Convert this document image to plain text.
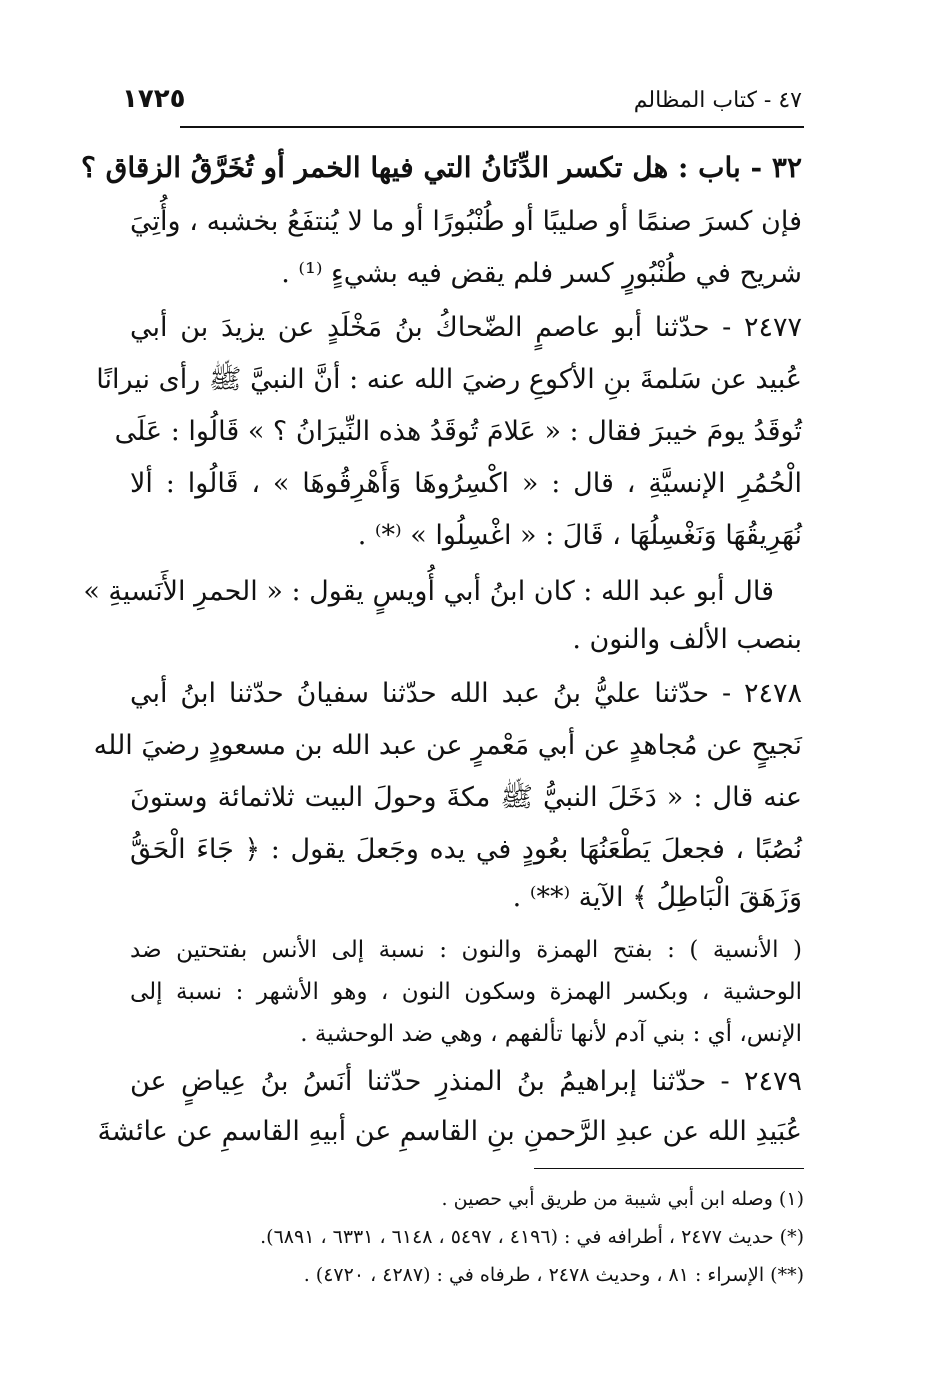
٤٧ - كتاب المظالم
١٧٢٥
٣٢ - باب : هل تكسر الدِّنَانُ التي فيها الخمر أو تُخَرَّقُ الزقاق ؟
فإن كسرَ صنمًا أو صليبًا أو طُنْبُورًا أو ما لا يُنتفَعُ بخشبه ، وأُتِيَ
شريح في طُنْبُورٍ كسر فلم يقض فيه بشيءٍ ⁽¹⁾ .
٢٤٧٧ - حدّثنا أبو عاصمٍ الضّحاكُ بنُ مَخْلَدٍ عن يزيدَ بن أبي
عُبيد عن سَلمةَ بنِ الأكوعِ رضيَ الله عنه : أنَّ النبيَّ ﷺ رأى نيرانًا
تُوقَدُ يومَ خيبرَ فقال : « عَلامَ تُوقَدُ هذه النِّيرَانُ ؟ » قَالُوا : عَلَى
الْحُمُرِ الإنسيَّةِ ، قال : « اكْسِرُوهَا وَأَهْرِقُوهَا » ، قَالُوا : ألا
نُهَرِيقُهَا وَنَغْسِلُهَا ، قَالَ : « اغْسِلُوا » ⁽*⁾ .
قال أبو عبد الله : كان ابنُ أبي أُويسٍ يقول : « الحمرِ الأَنَسيةِ »
بنصب الألف والنون .
٢٤٧٨ - حدّثنا عليُّ بنُ عبد الله حدّثنا سفيانُ حدّثنا ابنُ أبي
نَجيحٍ عن مُجاهدٍ عن أبي مَعْمرٍ عن عبد الله بن مسعودٍ رضيَ الله
عنه قال : « دَخَلَ النبيُّ ﷺ مكةَ وحولَ البيت ثلاثمائة وستونَ
نُصُبًا ، فجعلَ يَطْعَنُهَا بعُودٍ في يده وجَعلَ يقول : ﴿ جَاءَ الْحَقُّ
وَزَهَقَ الْبَاطِلُ ﴾ الآية ⁽**⁾ .
( الأنسية ) : بفتح الهمزة والنون : نسبة إلى الأنس بفتحتين ضد
الوحشية ، وبكسر الهمزة وسكون النون ، وهو الأشهر : نسبة إلى
الإنس، أي : بني آدم لأنها تألفهم ، وهي ضد الوحشية .
٢٤٧٩ - حدّثنا إبراهيمُ بنُ المنذرِ حدّثنا أنَسُ بنُ عِياضٍ عن
عُبَيدِ الله عن عبدِ الرَّحمنِ بنِ القاسمِ عن أبيهِ القاسمِ عن عائشةَ
(١) وصله ابن أبي شيبة من طريق أبي حصين .
(*) حديث ٢٤٧٧ ، أطرافه في : (٤١٩٦ ، ٥٤٩٧ ، ٦١٤٨ ، ٦٣٣١ ، ٦٨٩١).
(**) الإسراء : ٨١ ، وحديث ٢٤٧٨ ، طرفاه في : (٤٢٨٧ ، ٤٧٢٠) .
